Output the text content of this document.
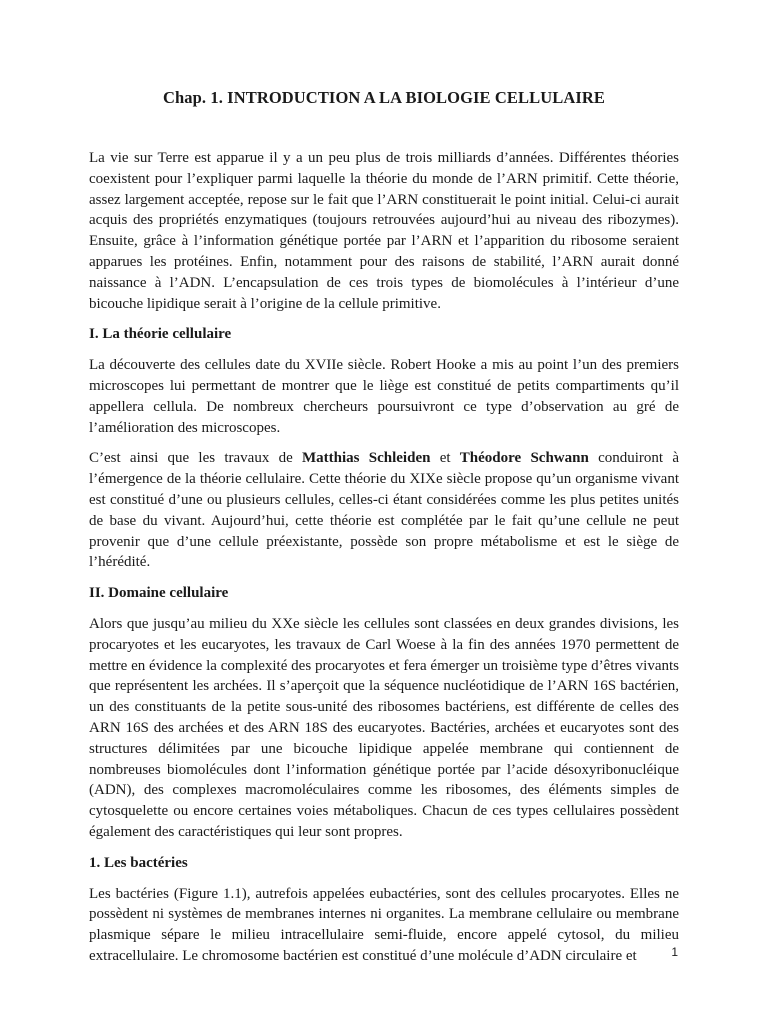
Chap. 1. INTRODUCTION A LA BIOLOGIE CELLULAIRE

La vie sur Terre est apparue il y a un peu plus de trois milliards d’années. Différentes théories coexistent pour l’expliquer parmi laquelle la théorie du monde de l’ARN primitif. Cette théorie, assez largement acceptée, repose sur le fait que l’ARN constituerait le point initial. Celui-ci aurait acquis des propriétés enzymatiques (toujours retrouvées aujourd’hui au niveau des ribozymes). Ensuite, grâce à l’information génétique portée par l’ARN et l’apparition du ribosome seraient apparues les protéines. Enfin, notamment pour des raisons de stabilité, l’ARN aurait donné naissance à l’ADN. L’encapsulation de ces trois types de biomolécules à l’intérieur d’une bicouche lipidique serait à l’origine de la cellule primitive.

I. La théorie cellulaire

La découverte des cellules date du XVIIe siècle. Robert Hooke a mis au point l’un des premiers microscopes lui permettant de montrer que le liège est constitué de petits compartiments qu’il appellera cellula. De nombreux chercheurs poursuivront ce type d’observation au gré de l’amélioration des microscopes.

C’est ainsi que les travaux de Matthias Schleiden et Théodore Schwann conduiront à l’émergence de la théorie cellulaire. Cette théorie du XIXe siècle propose qu’un organisme vivant est constitué d’une ou plusieurs cellules, celles-ci étant considérées comme les plus petites unités de base du vivant. Aujourd’hui, cette théorie est complétée par le fait qu’une cellule ne peut provenir que d’une cellule préexistante, possède son propre métabolisme et est le siège de l’hérédité.

II. Domaine cellulaire

Alors que jusqu’au milieu du XXe siècle les cellules sont classées en deux grandes divisions, les procaryotes et les eucaryotes, les travaux de Carl Woese à la fin des années 1970 permettent de mettre en évidence la complexité des procaryotes et fera émerger un troisième type d’êtres vivants que représentent les archées. Il s’aperçoit que la séquence nucléotidique de l’ARN 16S bactérien, un des constituants de la petite sous-unité des ribosomes bactériens, est différente de celles des ARN 16S des archées et des ARN 18S des eucaryotes. Bactéries, archées et eucaryotes sont des structures délimitées par une bicouche lipidique appelée membrane qui contiennent de nombreuses biomolécules dont l’information génétique portée par l’acide désoxyribonucléique (ADN), des complexes macromoléculaires comme les ribosomes, des éléments simples de cytosquelette ou encore certaines voies métaboliques. Chacun de ces types cellulaires possèdent également des caractéristiques qui leur sont propres.

1. Les bactéries

Les bactéries (Figure 1.1), autrefois appelées eubactéries, sont des cellules procaryotes. Elles ne possèdent ni systèmes de membranes internes ni organites. La membrane cellulaire ou membrane plasmique sépare le milieu intracellulaire semi-fluide, encore appelé cytosol, du milieu extracellulaire. Le chromosome bactérien est constitué d’une molécule d’ADN circulaire et	1
